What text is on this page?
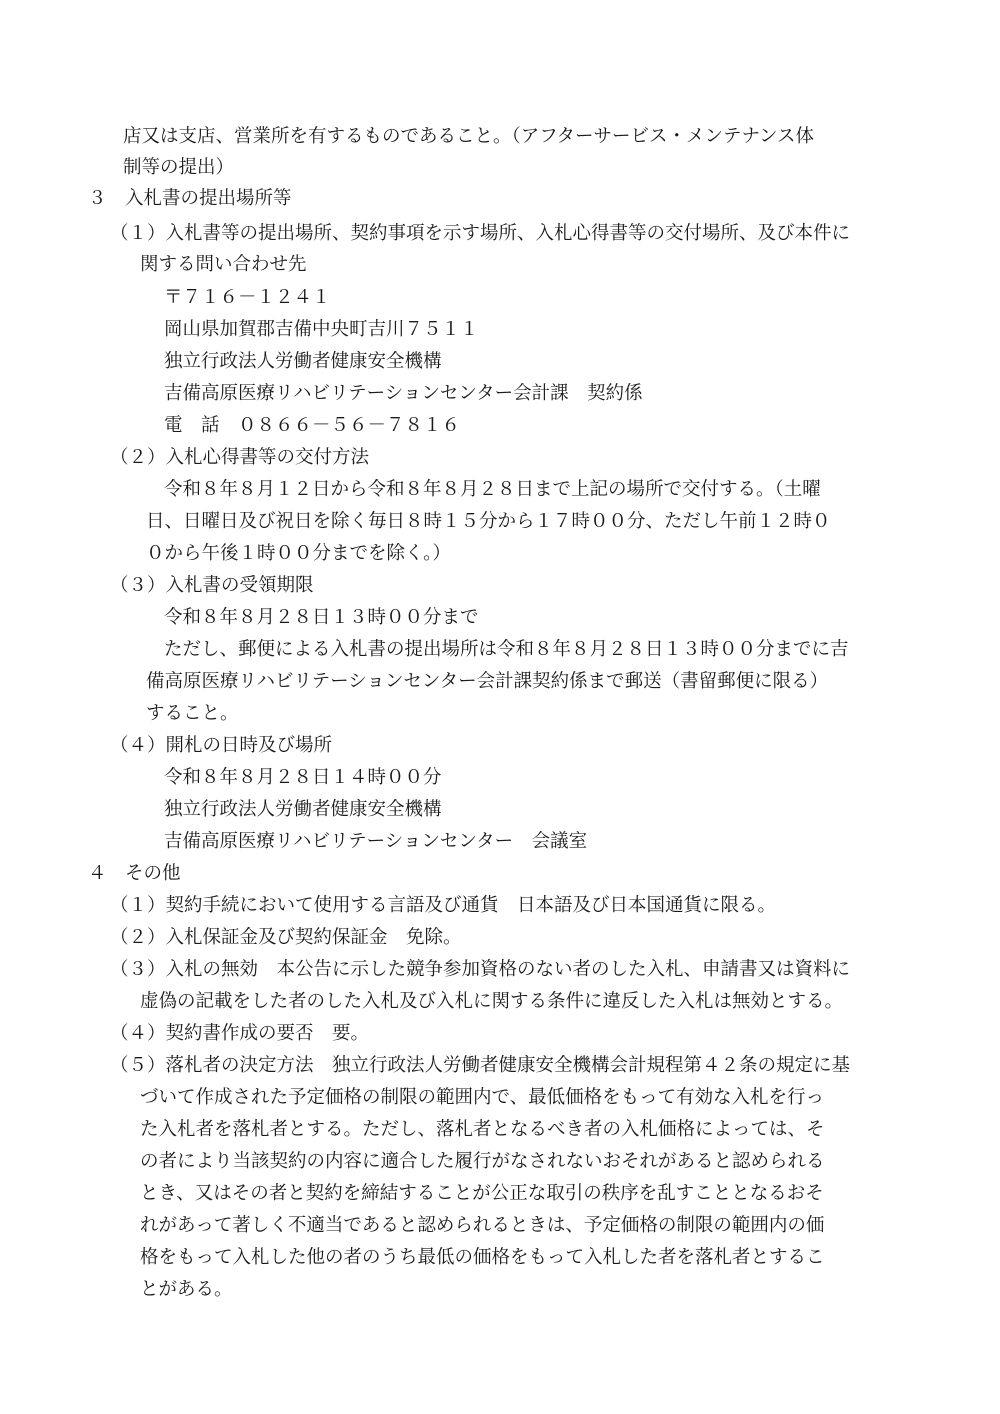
店又は支店、営業所を有するものであること。（アフターサービス・メンテナンス体
制等の提出）
３　入札書の提出場所等
（１）入札書等の提出場所、契約事項を示す場所、入札心得書等の交付場所、及び本件に
関する問い合わせ先
〒７１６－１２４１
岡山県加賀郡吉備中央町吉川７５１１
独立行政法人労働者健康安全機構
吉備高原医療リハビリテーションセンター会計課　契約係
電　話　０８６６－５６－７８１６
（２）入札心得書等の交付方法
令和８年８月１２日から令和８年８月２８日まで上記の場所で交付する。（土曜
日、日曜日及び祝日を除く毎日８時１５分から１７時００分、ただし午前１２時０
０から午後１時００分までを除く。）
（３）入札書の受領期限
令和８年８月２８日１３時００分まで
ただし、郵便による入札書の提出場所は令和８年８月２８日１３時００分までに吉
備高原医療リハビリテーションセンター会計課契約係まで郵送（書留郵便に限る）
すること。
（４）開札の日時及び場所
令和８年８月２８日１４時００分
独立行政法人労働者健康安全機構
吉備高原医療リハビリテーションセンター　会議室
４　その他
（１）契約手続において使用する言語及び通貨　日本語及び日本国通貨に限る。
（２）入札保証金及び契約保証金　免除。
（３）入札の無効　本公告に示した競争参加資格のない者のした入札、申請書又は資料に
虚偽の記載をした者のした入札及び入札に関する条件に違反した入札は無効とする。
（４）契約書作成の要否　要。
（５）落札者の決定方法　独立行政法人労働者健康安全機構会計規程第４２条の規定に基
づいて作成された予定価格の制限の範囲内で、最低価格をもって有効な入札を行っ
た入札者を落札者とする。ただし、落札者となるべき者の入札価格によっては、そ
の者により当該契約の内容に適合した履行がなされないおそれがあると認められる
とき、又はその者と契約を締結することが公正な取引の秩序を乱すこととなるおそ
れがあって著しく不適当であると認められるときは、予定価格の制限の範囲内の価
格をもって入札した他の者のうち最低の価格をもって入札した者を落札者とするこ
とがある。
